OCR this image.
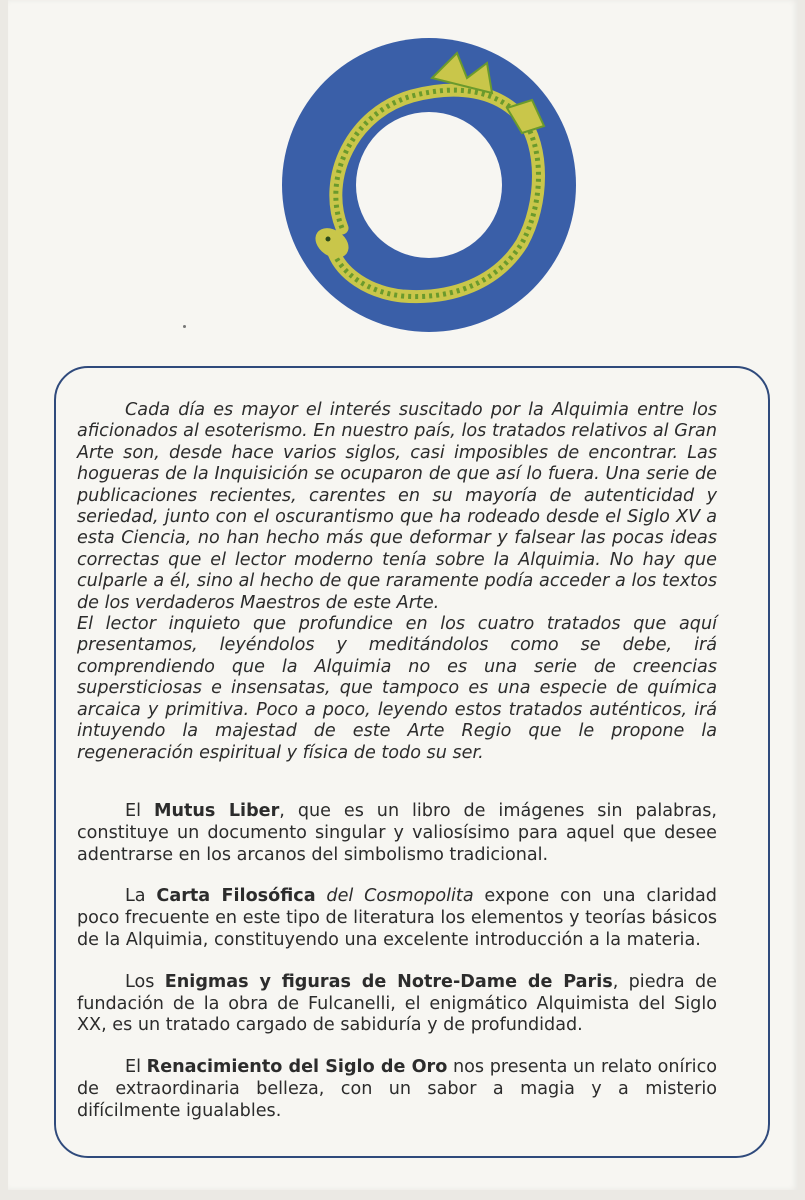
Cada día es mayor el interés suscitado por la Alquimia entre los aficionados al esoterismo. En nuestro país, los tratados relativos al Gran Arte son, desde hace varios siglos, casi imposibles de encontrar. Las hogueras de la Inquisición se ocuparon de que así lo fuera. Una serie de publicaciones recientes, carentes en su mayoría de autenticidad y seriedad, junto con el oscurantismo que ha rodeado desde el Siglo XV a esta Ciencia, no han hecho más que deformar y falsear las pocas ideas correctas que el lector moderno tenía sobre la Alquimia. No hay que culparle a él, sino al hecho de que raramente podía acceder a los textos de los verdaderos Maestros de este Arte.

El lector inquieto que profundice en los cuatro tratados que aquí presentamos, leyéndolos y meditándolos como se debe, irá comprendiendo que la Alquimia no es una serie de creencias supersticiosas e insensatas, que tampoco es una especie de química arcaica y primitiva. Poco a poco, leyendo estos tratados auténticos, irá intuyendo la majestad de este Arte Regio que le propone la regeneración espiritual y física de todo su ser.

El Mutus Liber, que es un libro de imágenes sin palabras, constituye un documento singular y valiosísimo para aquel que desee adentrarse en los arcanos del simbolismo tradicional.

La Carta Filosófica del Cosmopolita expone con una claridad poco frecuente en este tipo de literatura los elementos y teorías básicos de la Alquimia, constituyendo una excelente introducción a la materia.

Los Enigmas y figuras de Notre-Dame de Paris, piedra de fundación de la obra de Fulcanelli, el enigmático Alquimista del Siglo XX, es un tratado cargado de sabiduría y de profundidad.

El Renacimiento del Siglo de Oro nos presenta un relato onírico de extraordinaria belleza, con un sabor a magia y a misterio difícilmente igualables.
